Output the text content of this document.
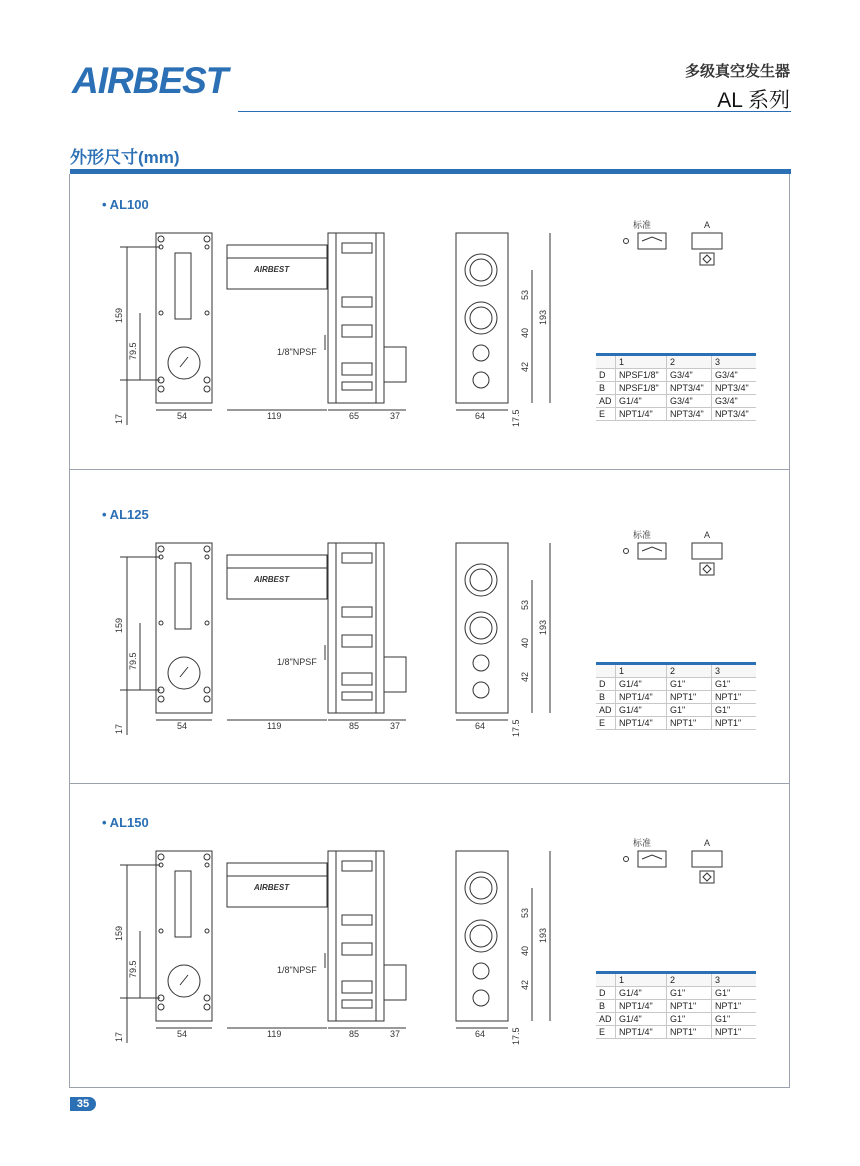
AIRBEST	多级真空发生器
AL 系列
外形尺寸(mm)
• AL100
54	119	65	37	64
17	17.5
159
79.5
193
53
40
42
1/8"NPSF
AIRBEST
标准	A
	1	2	3
D	NPSF1/8"	G3/4"	G3/4"
B	NPSF1/8"	NPT3/4"	NPT3/4"
AD	G1/4"	G3/4"	G3/4"
E	NPT1/4"	NPT3/4"	NPT3/4"
• AL125
54	119	85	37	64
17	17.5
159
79.5
193
53
40
42
1/8"NPSF
AIRBEST
标准	A
	1	2	3
D	G1/4"	G1"	G1"
B	NPT1/4"	NPT1"	NPT1"
AD	G1/4"	G1"	G1"
E	NPT1/4"	NPT1"	NPT1"
• AL150
54	119	85	37	64
17	17.5
159
79.5
193
53
40
42
1/8"NPSF
AIRBEST
标准	A
	1	2	3
D	G1/4"	G1"	G1"
B	NPT1/4"	NPT1"	NPT1"
AD	G1/4"	G1"	G1"
E	NPT1/4"	NPT1"	NPT1"
35
